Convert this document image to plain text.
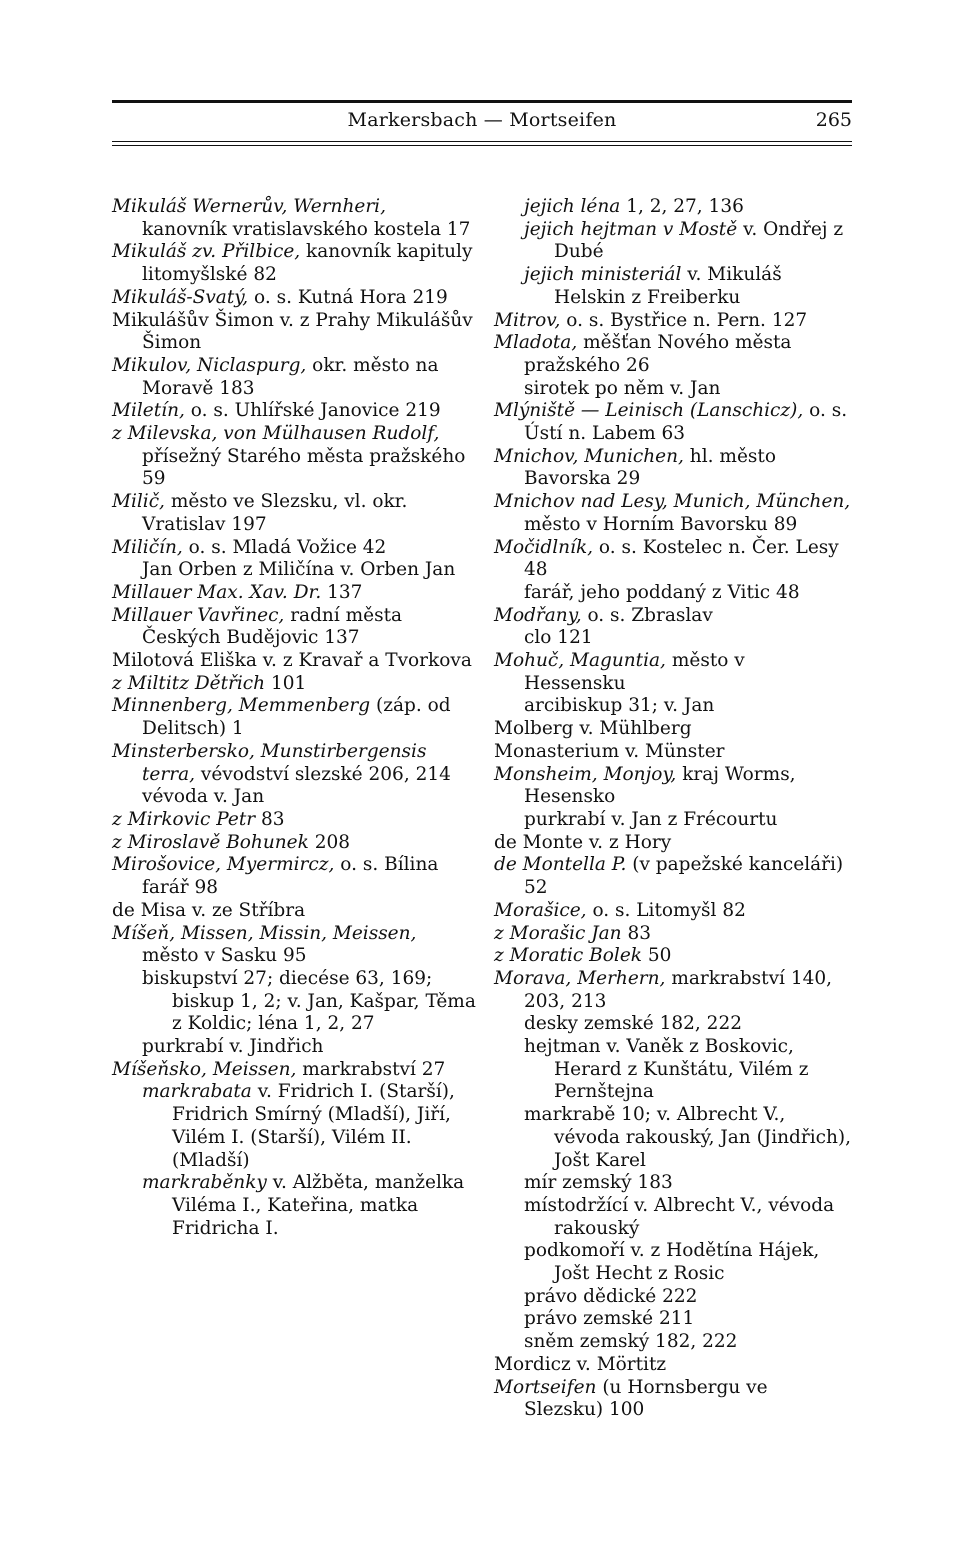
Markersbach — Mortseifen	265
Mikuláš Wernerův, Wernheri, kanovník vratislavského kostela 17
Mikuláš zv. Přilbice, kanovník kapituly litomyšlské 82
Mikuláš-Svatý, o. s. Kutná Hora 219
Mikulášův Šimon v. z Prahy Mikulášův Šimon
Mikulov, Niclaspurg, okr. město na Moravě 183
Miletín, o. s. Uhlířské Janovice 219
z Milevska, von Mülhausen Rudolf, přísežný Starého města pražského 59
Milič, město ve Slezsku, vl. okr. Vratislav 197
Miličín, o. s. Mladá Vožice 42
Jan Orben z Miličína v. Orben Jan
Millauer Max. Xav. Dr. 137
Millauer Vavřinec, radní města Českých Budějovic 137
Milotová Eliška v. z Kravař a Tvorkova
z Miltitz Dětřich 101
Minnenberg, Memmenberg (záp. od Delitsch) 1
Minsterbersko, Munstirbergensis terra, vévodství slezské 206, 214
vévoda v. Jan
z Mirkovic Petr 83
z Miroslavě Bohunek 208
Mirošovice, Myermircz, o. s. Bílina
farář 98
de Misa v. ze Stříbra
Míšeň, Missen, Missin, Meissen, město v Sasku 95
biskupství 27; diecése 63, 169; biskup 1, 2; v. Jan, Kašpar, Těma z Koldic; léna 1, 2, 27
purkrabí v. Jindřich
Míšeňsko, Meissen, markrabství 27
markrabata v. Fridrich I. (Starší), Fridrich Smírný (Mladší), Jiří, Vilém I. (Starší), Vilém II. (Mladší)
markraběnky v. Alžběta, manželka Viléma I., Kateřina, matka Fridricha I.
jejich léna 1, 2, 27, 136
jejich hejtman v Mostě v. Ondřej z Dubé
jejich ministeriál v. Mikuláš Helskin z Freiberku
Mitrov, o. s. Bystřice n. Pern. 127
Mladota, měšťan Nového města pražského 26
sirotek po něm v. Jan
Mlýniště — Leinisch (Lanschicz), o. s. Ústí n. Labem 63
Mnichov, Munichen, hl. město Bavorska 29
Mnichov nad Lesy, Munich, München, město v Horním Bavorsku 89
Močidlník, o. s. Kostelec n. Čer. Lesy 48
farář, jeho poddaný z Vitic 48
Modřany, o. s. Zbraslav
clo 121
Mohuč, Maguntia, město v Hessensku
arcibiskup 31; v. Jan
Molberg v. Mühlberg
Monasterium v. Münster
Monsheim, Monjoy, kraj Worms, Hesensko
purkrabí v. Jan z Frécourtu
de Monte v. z Hory
de Montella P. (v papežské kanceláři) 52
Morašice, o. s. Litomyšl 82
z Morašic Jan 83
z Moratic Bolek 50
Morava, Merhern, markrabství 140, 203, 213
desky zemské 182, 222
hejtman v. Vaněk z Boskovic, Herard z Kunštátu, Vilém z Pernštejna
markrabě 10; v. Albrecht V., vévoda rakouský, Jan (Jindřich), Jošt Karel
mír zemský 183
místodržící v. Albrecht V., vévoda rakouský
podkomoří v. z Hodětína Hájek, Jošt Hecht z Rosic
právo dědické 222
právo zemské 211
sněm zemský 182, 222
Mordicz v. Mörtitz
Mortseifen (u Hornsbergu ve Slezsku) 100
